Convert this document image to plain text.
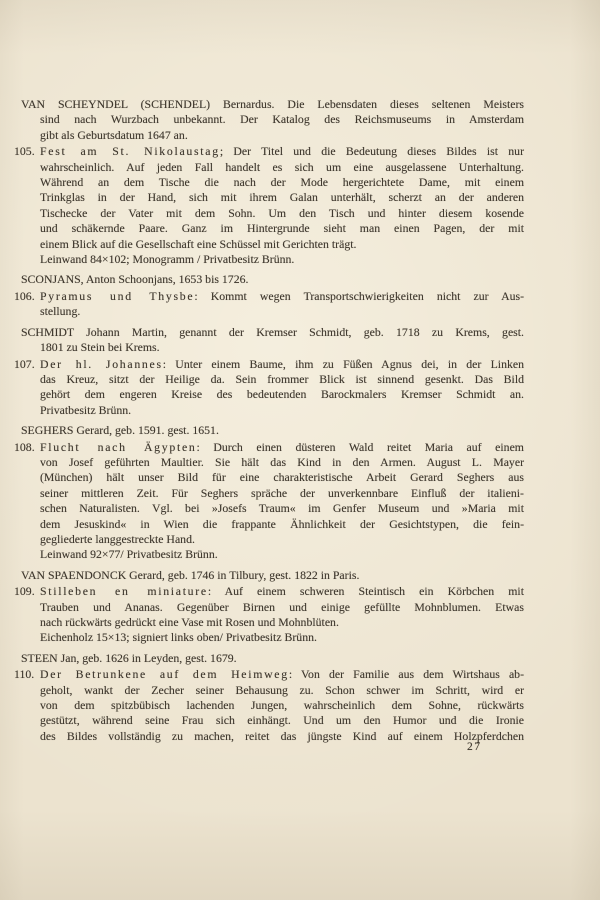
VAN SCHEYNDEL (SCHENDEL) Bernardus. Die Lebensdaten dieses seltenen Meisters
sind nach Wurzbach unbekannt. Der Katalog des Reichsmuseums in Amsterdam
gibt als Geburtsdatum 1647 an.
105. Fest am St. Nikolaustag; Der Titel und die Bedeutung dieses Bildes ist nur
wahrscheinlich. Auf jeden Fall handelt es sich um eine ausgelassene Unterhaltung.
Während an dem Tische die nach der Mode hergerichtete Dame, mit einem
Trinkglas in der Hand, sich mit ihrem Galan unterhält, scherzt an der anderen
Tischecke der Vater mit dem Sohn. Um den Tisch und hinter diesem kosende
und schäkernde Paare. Ganz im Hintergrunde sieht man einen Pagen, der mit
einem Blick auf die Gesellschaft eine Schüssel mit Gerichten trägt.
Leinwand 84×102; Monogramm / Privatbesitz Brünn.
SCONJANS, Anton Schoonjans, 1653 bis 1726.
106. Pyramus und Thysbe: Kommt wegen Transportschwierigkeiten nicht zur Aus-
stellung.
SCHMIDT Johann Martin, genannt der Kremser Schmidt, geb. 1718 zu Krems, gest.
1801 zu Stein bei Krems.
107. Der hl. Johannes: Unter einem Baume, ihm zu Füßen Agnus dei, in der Linken
das Kreuz, sitzt der Heilige da. Sein frommer Blick ist sinnend gesenkt. Das Bild
gehört dem engeren Kreise des bedeutenden Barockmalers Kremser Schmidt an.
Privatbesitz Brünn.
SEGHERS Gerard, geb. 1591. gest. 1651.
108. Flucht nach Ägypten: Durch einen düsteren Wald reitet Maria auf einem
von Josef geführten Maultier. Sie hält das Kind in den Armen. August L. Mayer
(München) hält unser Bild für eine charakteristische Arbeit Gerard Seghers aus
seiner mittleren Zeit. Für Seghers spräche der unverkennbare Einfluß der italieni-
schen Naturalisten. Vgl. bei »Josefs Traum« im Genfer Museum und »Maria mit
dem Jesuskind« in Wien die frappante Ähnlichkeit der Gesichtstypen, die fein-
gegliederte langgestreckte Hand.
Leinwand 92×77/ Privatbesitz Brünn.
VAN SPAENDONCK Gerard, geb. 1746 in Tilbury, gest. 1822 in Paris.
109. Stilleben en miniature: Auf einem schweren Steintisch ein Körbchen mit
Trauben und Ananas. Gegenüber Birnen und einige gefüllte Mohnblumen. Etwas
nach rückwärts gedrückt eine Vase mit Rosen und Mohnblüten.
Eichenholz 15×13; signiert links oben/ Privatbesitz Brünn.
STEEN Jan, geb. 1626 in Leyden, gest. 1679.
110. Der Betrunkene auf dem Heimweg: Von der Familie aus dem Wirtshaus ab-
geholt, wankt der Zecher seiner Behausung zu. Schon schwer im Schritt, wird er
von dem spitzbübisch lachenden Jungen, wahrscheinlich dem Sohne, rückwärts
gestützt, während seine Frau sich einhängt. Und um den Humor und die Ironie
des Bildes vollständig zu machen, reitet das jüngste Kind auf einem Holzpferdchen
27
